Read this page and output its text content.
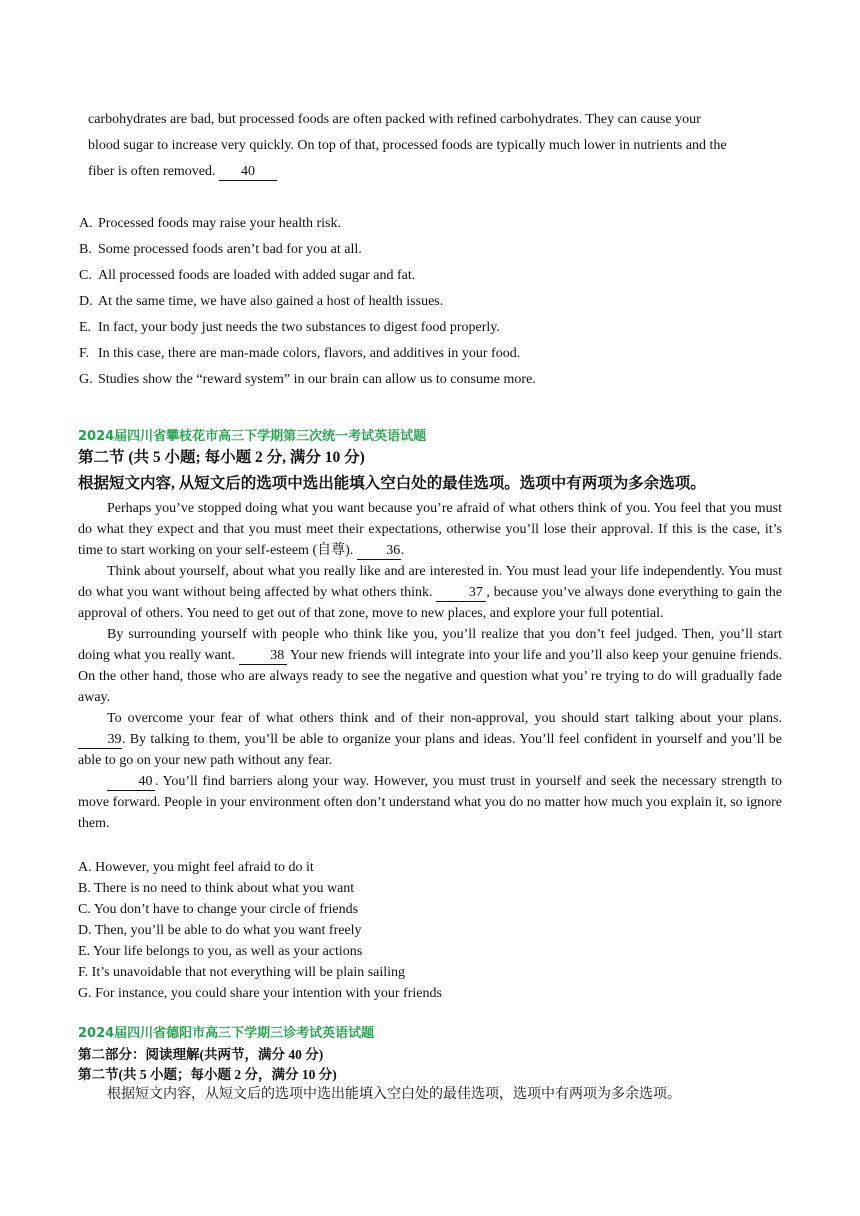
carbohydrates are bad, but processed foods are often packed with refined carbohydrates. They can cause your
blood sugar to increase very quickly. On top of that, processed foods are typically much lower in nutrients and the
fiber is often removed. 40
A. Processed foods may raise your health risk.
B. Some processed foods aren’t bad for you at all.
C. All processed foods are loaded with added sugar and fat.
D. At the same time, we have also gained a host of health issues.
E. In fact, your body just needs the two substances to digest food properly.
F. In this case, there are man-made colors, flavors, and additives in your food.
G. Studies show the “reward system” in our brain can allow us to consume more.
2024届四川省攀枝花市高三下学期第三次统一考试英语试题
第二节 (共 5 小题; 每小题 2 分, 满分 10 分)
根据短文内容, 从短文后的选项中选出能填入空白处的最佳选项。选项中有两项为多余选项。

Perhaps you’ve stopped doing what you want because you’re afraid of what others think of you. You feel that you must do what they expect and that you must meet their expectations, otherwise you’ll lose their approval. If this is the case, it’s time to start working on your self-esteem (自尊). 36.

Think about yourself, about what you really like and are interested in. You must lead your life independently. You must do what you want without being affected by what others think. 37 , because you’ve always done everything to gain the approval of others. You need to get out of that zone, move to new places, and explore your full potential.

By surrounding yourself with people who think like you, you’ll realize that you don’t feel judged. Then, you’ll start doing what you really want. 38 Your new friends will integrate into your life and you’ll also keep your genuine friends. On the other hand, those who are always ready to see the negative and question what you’ re trying to do will gradually fade away.

To overcome your fear of what others think and of their non-approval, you should start talking about your plans. 39. By talking to them, you’ll be able to organize your plans and ideas. You’ll feel confident in yourself and you’ll be able to go on your new path without any fear.

40 . You’ll find barriers along your way. However, you must trust in yourself and seek the necessary strength to move forward. People in your environment often don’t understand what you do no matter how much you explain it, so ignore them.

A. However, you might feel afraid to do it
B. There is no need to think about what you want
C. You don’t have to change your circle of friends
D. Then, you’ll be able to do what you want freely
E. Your life belongs to you, as well as your actions
F. It’s unavoidable that not everything will be plain sailing
G. For instance, you could share your intention with your friends
2024届四川省德阳市高三下学期三诊考试英语试题
第二部分：阅读理解(共两节，满分 40 分)
第二节(共 5 小题；每小题 2 分，满分 10 分)
根据短文内容，从短文后的选项中选出能填入空白处的最佳选项，选项中有两项为多余选项。
